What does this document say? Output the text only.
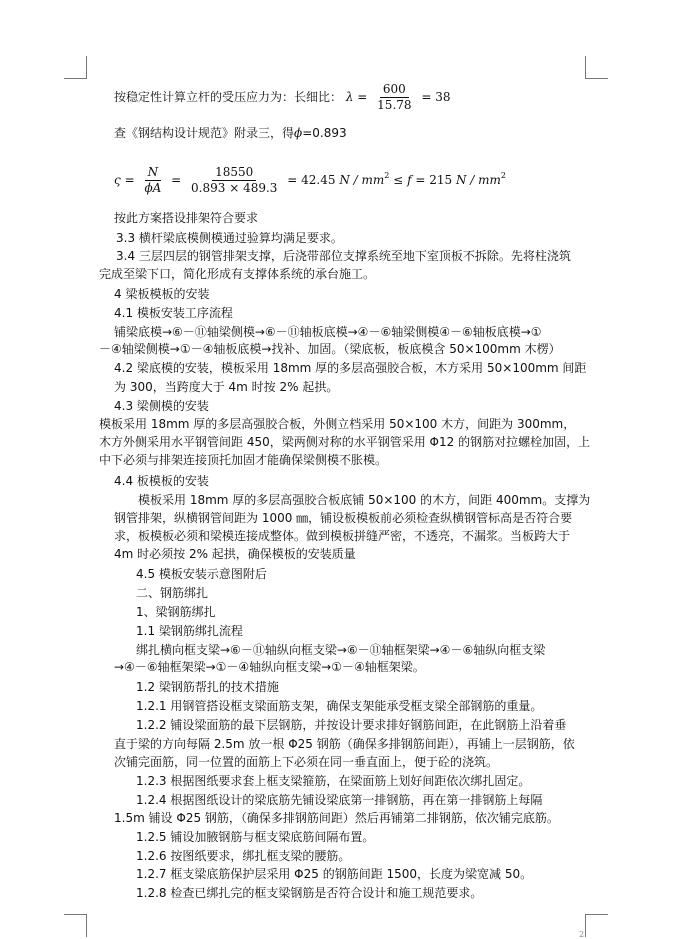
按稳定性计算立杆的受压应力为：长细比： $\lambda = \frac{600}{15.78} = 38$
查《钢结构设计规范》附录三，得ϕ=0.893
$\varsigma = \frac{N}{\phi A} = \frac{18550}{0.893 \times 489.3} = 42.45$ $N / mm^2 \le f = 215$ N / $mm^2$
按此方案搭设排架符合要求
3.3 横杆梁底模侧模通过验算均满足要求。
3.4 三层四层的钢管排架支撑，后浇带部位支撑系统至地下室顶板不拆除。先将柱浇筑
完成至梁下口，简化形成有支撑体系统的承台施工。
4 梁板模板的安装
4.1 模板安装工序流程
铺梁底模→⑥－⑪轴梁侧模→⑥－⑪轴板底模→④－⑥轴梁侧模④－⑥轴板底模→①
－④轴梁侧模→①－④轴板底模→找补、加固。（梁底板，板底模含 50×100mm 木楞）
4.2 梁底模的安装，模板采用 18mm 厚的多层高强胶合板，木方采用 50×100mm 间距
为 300，当跨度大于 4m 时按 2% 起拱。
4.3 梁侧模的安装
模板采用 18mm 厚的多层高强胶合板，外侧立档采用 50×100 木方，间距为 300mm，
木方外侧采用水平钢管间距 450，梁两侧对称的水平钢管采用 Φ12 的钢筋对拉螺栓加固，上
中下必须与排架连接顶托加固才能确保梁侧模不胀模。
4.4 板模板的安装
模板采用 18mm 厚的多层高强胶合板底铺 50×100 的木方，间距 400mm。支撑为
钢管排架，纵横钢管间距为 1000 ㎜，铺设板模板前必须检查纵横钢管标高是否符合要
求，板模板必须和梁模连接成整体。做到模板拼缝严密，不透亮，不漏浆。当板跨大于
4m 时必须按 2% 起拱，确保模板的安装质量
4.5 模板安装示意图附后
二、钢筋绑扎
1、梁钢筋绑扎
1.1 梁钢筋绑扎流程
绑扎横向框支梁→⑥－⑪轴纵向框支梁→⑥－⑪轴框架梁→④－⑥轴纵向框支梁
→④－⑥轴框架梁→①－④轴纵向框支梁→①－④轴框架梁。
1.2 梁钢筋帮扎的技术措施
1.2.1 用钢管搭设框支梁面筋支架，确保支架能承受框支梁全部钢筋的重量。
1.2.2 铺设梁面筋的最下层钢筋，并按设计要求排好钢筋间距，在此钢筋上沿着垂
直于梁的方向每隔 2.5m 放一根 Φ25 钢筋（确保多排钢筋间距），再铺上一层钢筋，依
次铺完面筋，同一位置的面筋上下必须在同一垂直面上，便于砼的浇筑。
1.2.3 根据图纸要求套上框支梁箍筋，在梁面筋上划好间距依次绑扎固定。
1.2.4 根据图纸设计的梁底筋先铺设梁底第一排钢筋，再在第一排钢筋上每隔
1.5m 铺设 Φ25 钢筋，（确保多排钢筋间距）然后再铺第二排钢筋，依次铺完底筋。
1.2.5 铺设加腋钢筋与框支梁底筋间隔布置。
1.2.6 按图纸要求，绑扎框支梁的腰筋。
1.2.7 框支梁底筋保护层采用 Φ25 的钢筋间距 1500，长度为梁宽减 50。
1.2.8 检查已绑扎完的框支梁钢筋是否符合设计和施工规范要求。
2
